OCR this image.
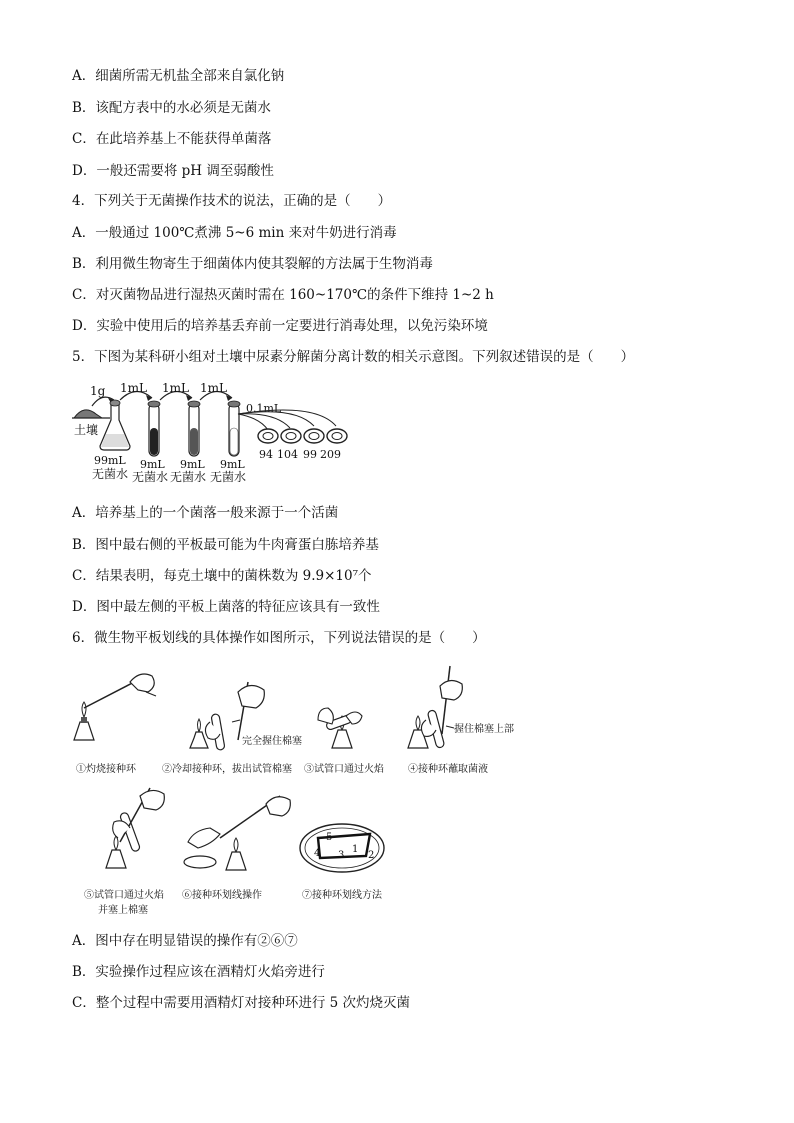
A．细菌所需无机盐全部来自氯化钠
B．该配方表中的水必须是无菌水
C．在此培养基上不能获得单菌落
D．一般还需要将 pH 调至弱酸性
4．下列关于无菌操作技术的说法，正确的是（　　）
A．一般通过 100℃煮沸 5~6 min 来对牛奶进行消毒
B．利用微生物寄生于细菌体内使其裂解的方法属于生物消毒
C．对灭菌物品进行湿热灭菌时需在 160~170℃的条件下维持 1~2 h
D．实验中使用后的培养基丢弃前一定要进行消毒处理，以免污染环境
5．下图为某科研小组对土壤中尿素分解菌分离计数的相关示意图。下列叙述错误的是（　　）
土壤
1g
99mL
无菌水
1mL 1mL 1mL
9mL 9mL 9mL
无菌水 无菌水 无菌水
0.1mL
94 104 99 209
A．培养基上的一个菌落一般来源于一个活菌
B．图中最右侧的平板最可能为牛肉膏蛋白胨培养基
C．结果表明，每克土壤中的菌株数为 9.9×10⁷个
D．图中最左侧的平板上菌落的特征应该具有一致性
6．微生物平板划线的具体操作如图所示，下列说法错误的是（　　）
①灼烧接种环
完全握住棉塞
②冷却接种环，拔出试管棉塞 ③试管口通过火焰
握住棉塞上部
④接种环蘸取菌液
⑤试管口通过火焰
并塞上棉塞
⑥接种环划线操作
4
5
3
1
2
⑦接种环划线方法
A．图中存在明显错误的操作有②⑥⑦
B．实验操作过程应该在酒精灯火焰旁进行
C．整个过程中需要用酒精灯对接种环进行 5 次灼烧灭菌
